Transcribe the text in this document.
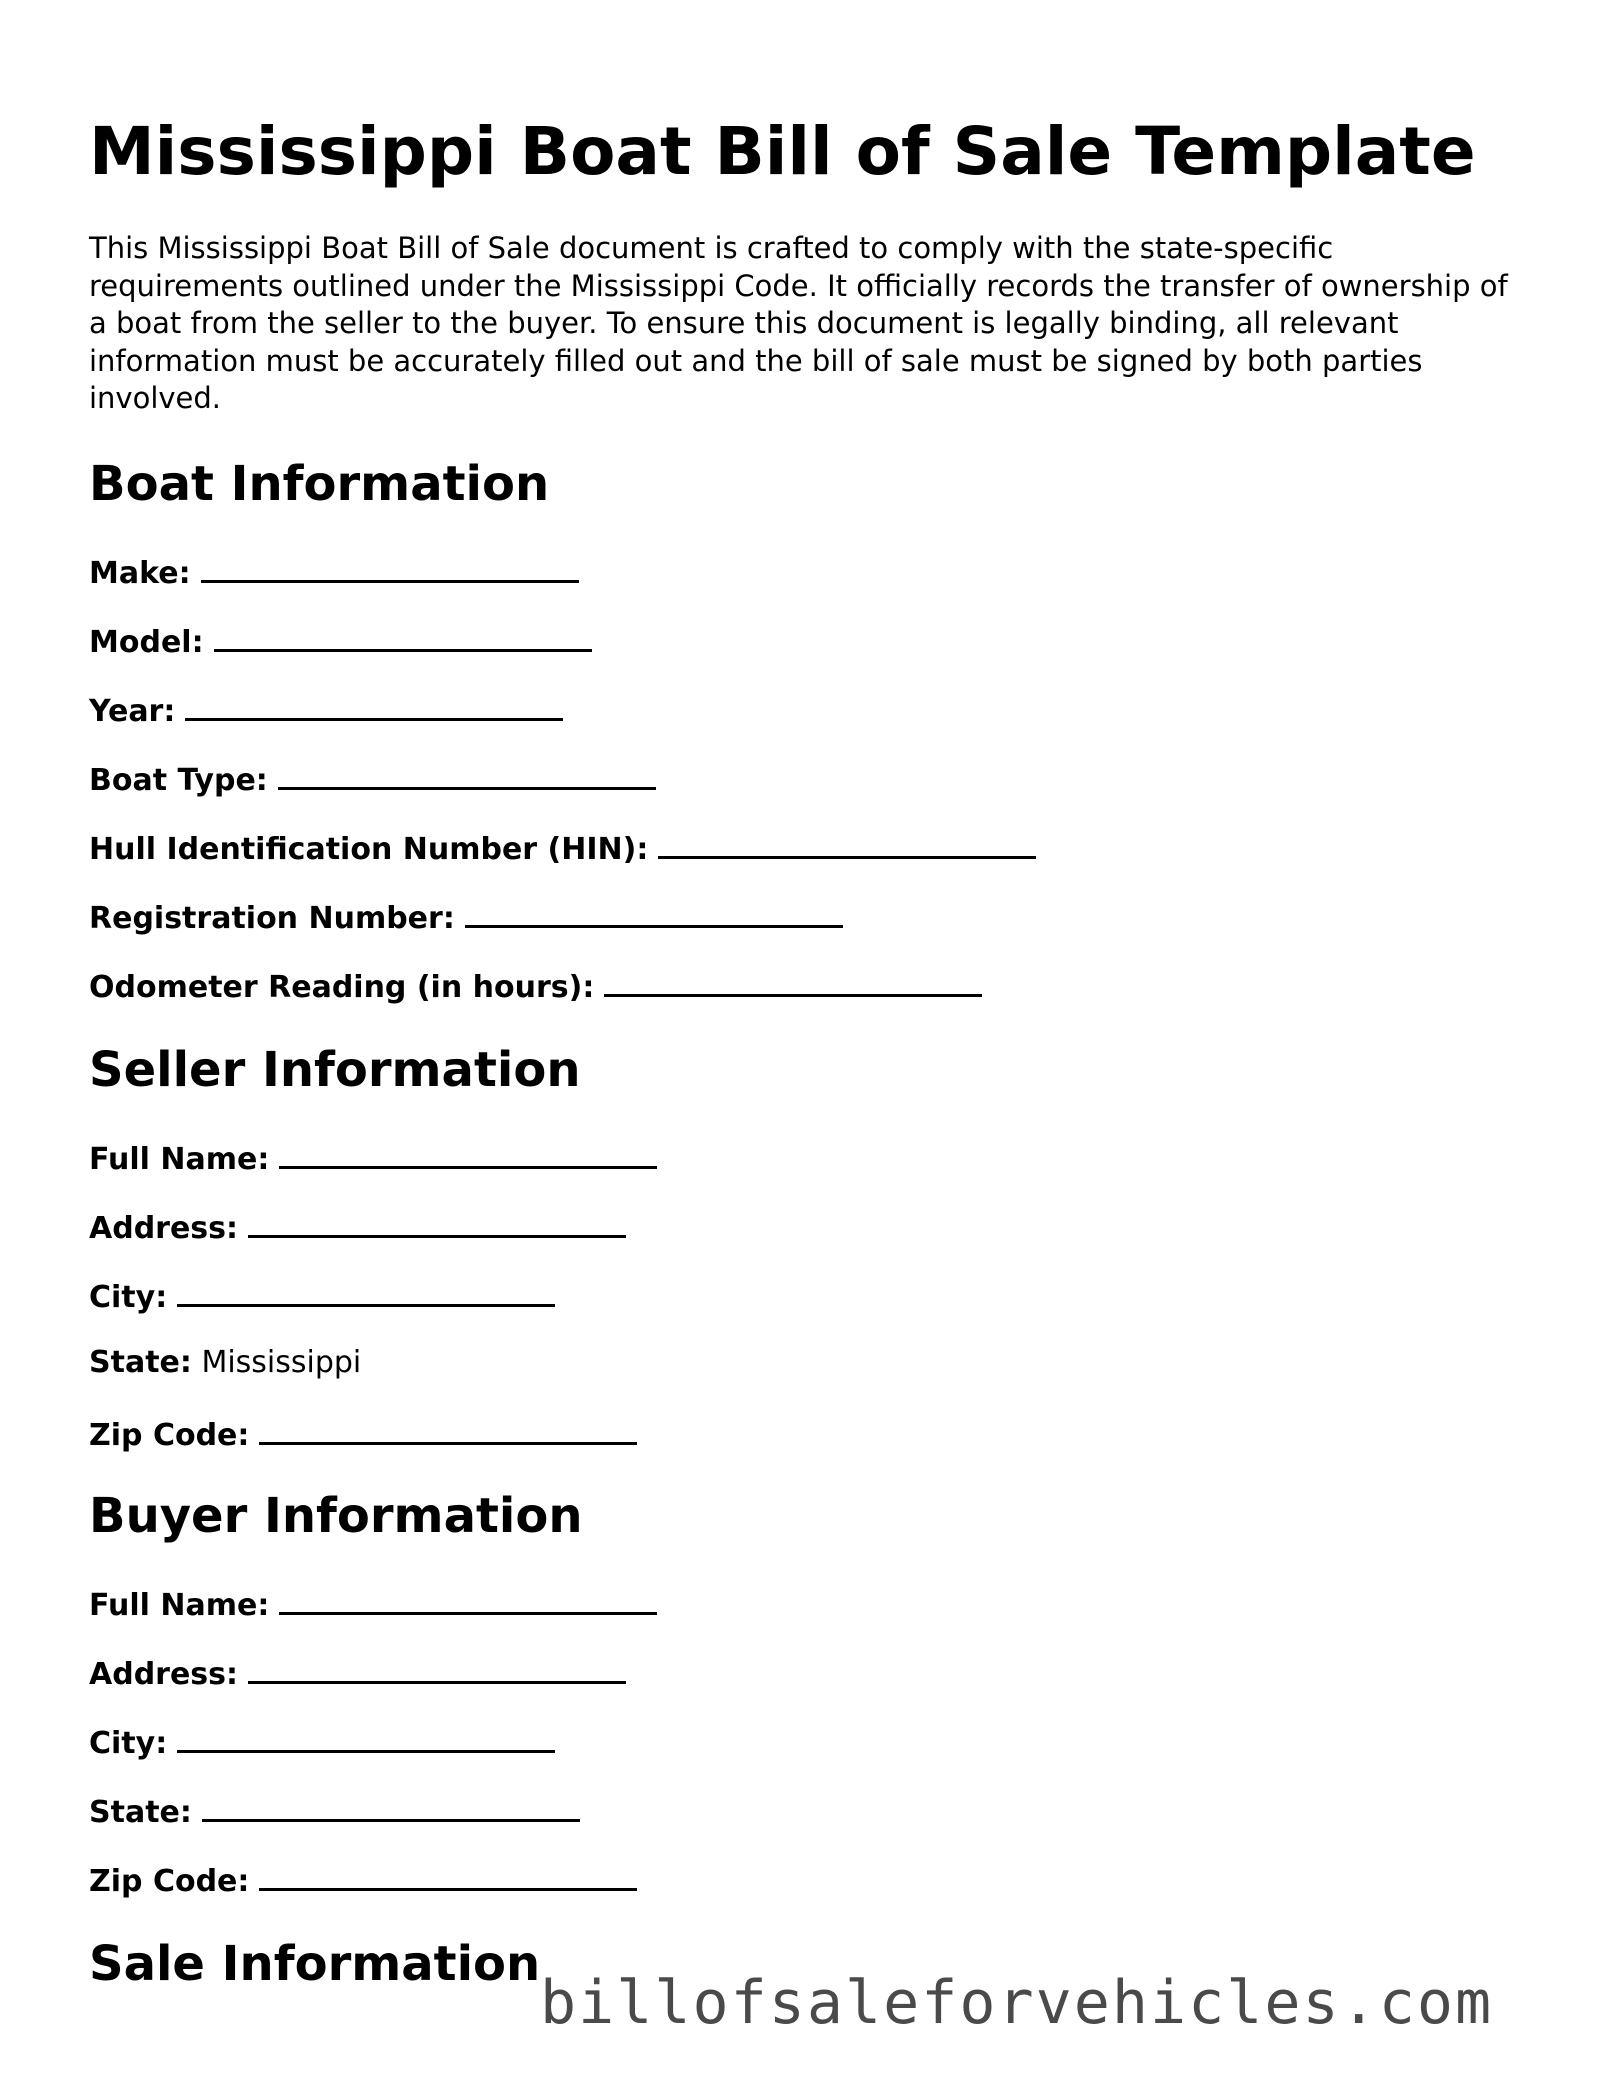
Mississippi Boat Bill of Sale Template

This Mississippi Boat Bill of Sale document is crafted to comply with the state-specific requirements outlined under the Mississippi Code. It officially records the transfer of ownership of a boat from the seller to the buyer. To ensure this document is legally binding, all relevant information must be accurately filled out and the bill of sale must be signed by both parties involved.

Boat Information
Make:
Model:
Year:
Boat Type:
Hull Identification Number (HIN):
Registration Number:
Odometer Reading (in hours):
Seller Information
Full Name:
Address:
City:
State: Mississippi
Zip Code:
Buyer Information
Full Name:
Address:
City:
State:
Zip Code:
Sale Information
billofsaleforvehicles.com
